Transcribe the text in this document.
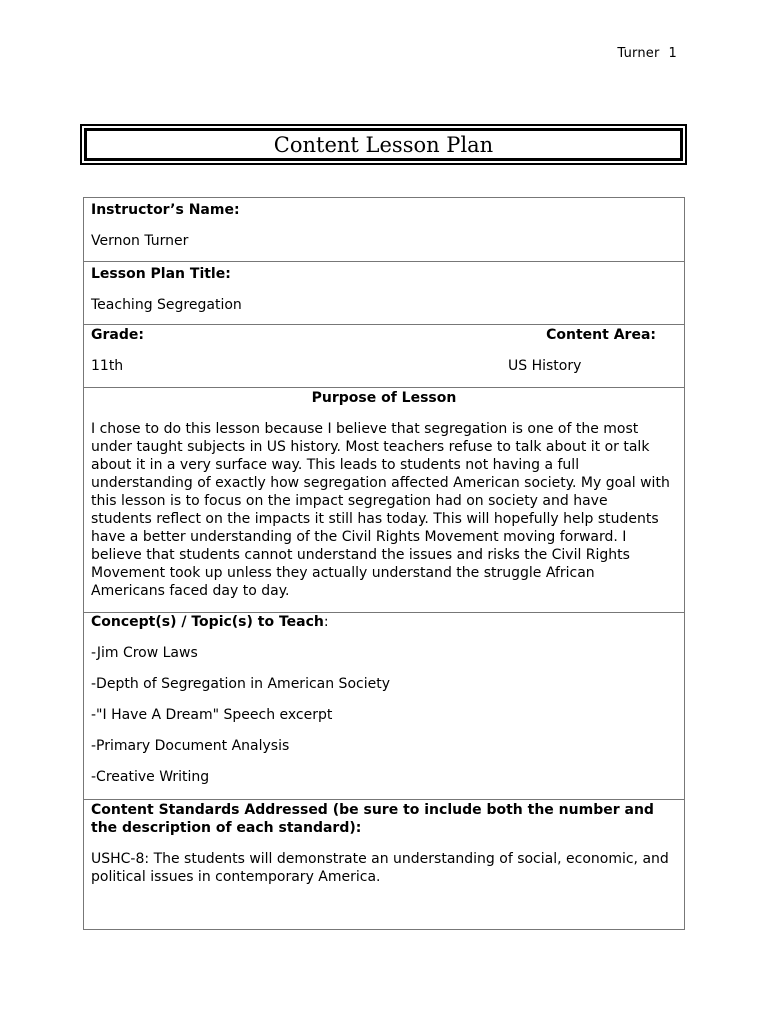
Turner 1
Content Lesson Plan
Instructor’s Name:
Vernon Turner
Lesson Plan Title:
Teaching Segregation
Grade:	Content Area:
11th	US History
Purpose of Lesson
I chose to do this lesson because I believe that segregation is one of the most under taught subjects in US history. Most teachers refuse to talk about it or talk about it in a very surface way. This leads to students not having a full understanding of exactly how segregation affected American society. My goal with this lesson is to focus on the impact segregation had on society and have students reflect on the impacts it still has today. This will hopefully help students have a better understanding of the Civil Rights Movement moving forward. I believe that students cannot understand the issues and risks the Civil Rights Movement took up unless they actually understand the struggle African Americans faced day to day.
Concept(s) / Topic(s) to Teach:
-Jim Crow Laws
-Depth of Segregation in American Society
-"I Have A Dream" Speech excerpt
-Primary Document Analysis
-Creative Writing
Content Standards Addressed (be sure to include both the number and the description of each standard):
USHC-8: The students will demonstrate an understanding of social, economic, and political issues in contemporary America.
